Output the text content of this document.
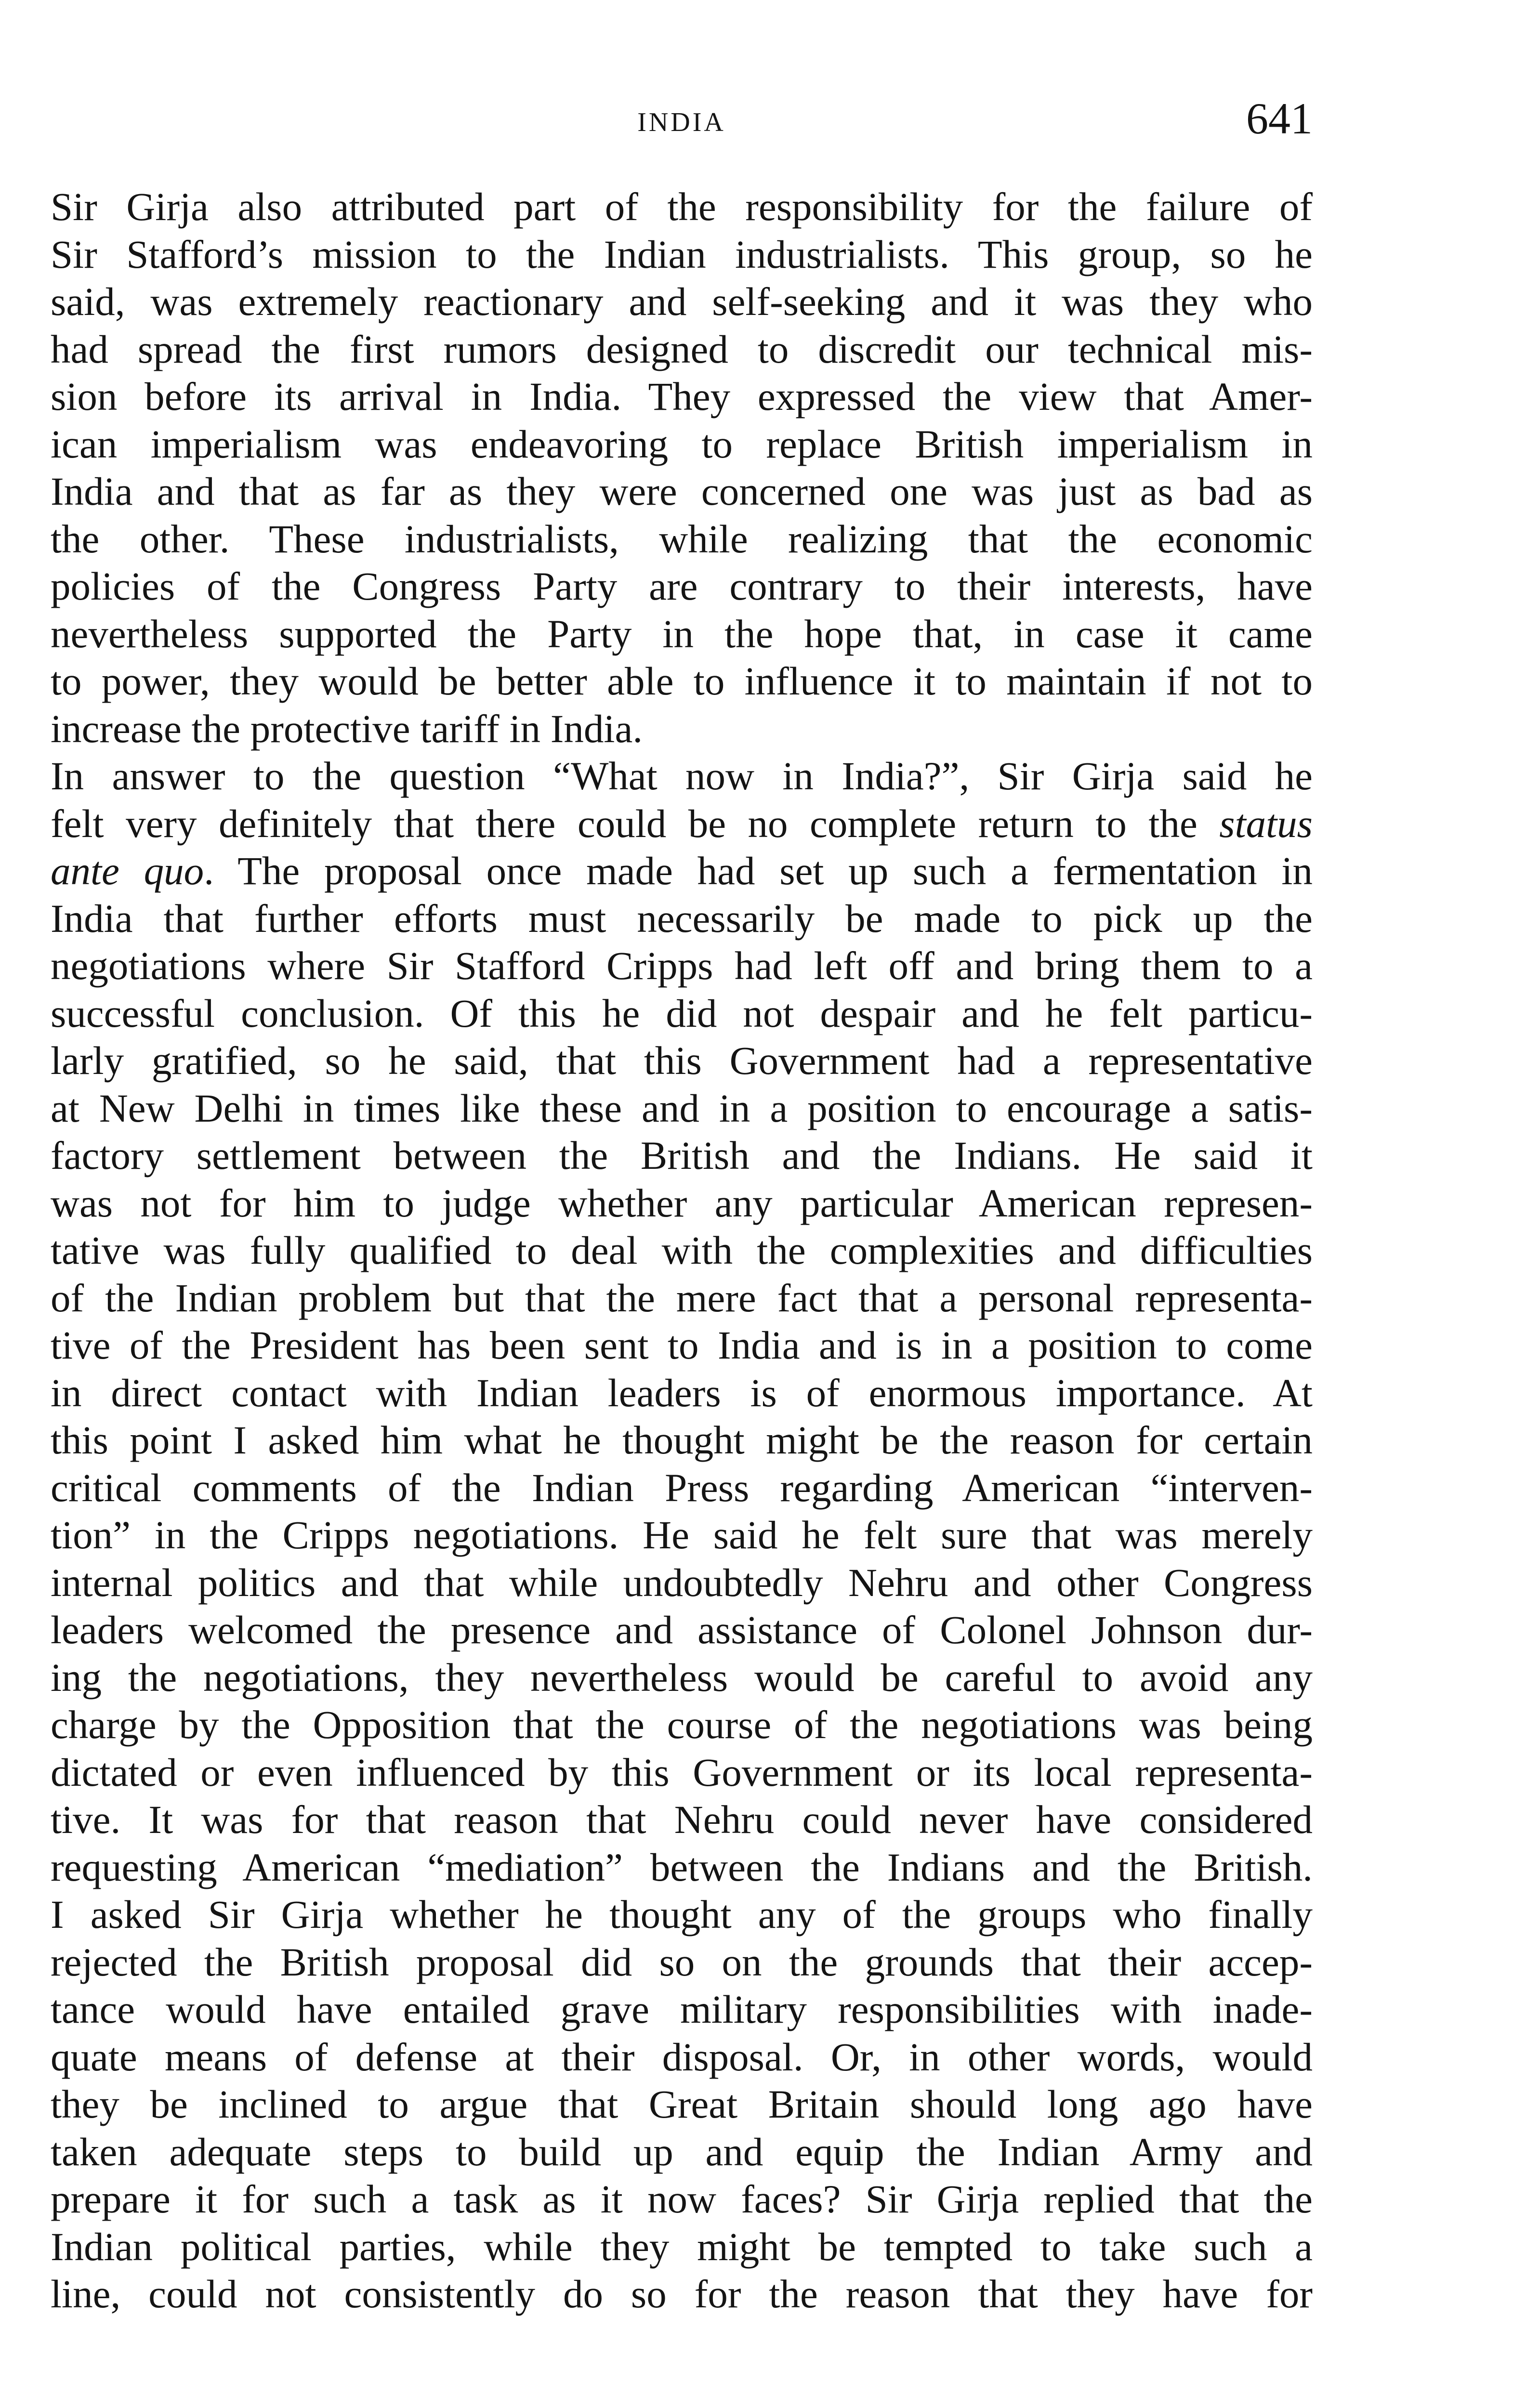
INDIA	641
Sir Girja also attributed part of the responsibility for the failure of
Sir Stafford’s mission to the Indian industrialists. This group, so he
said, was extremely reactionary and self-seeking and it was they who
had spread the first rumors designed to discredit our technical mis-
sion before its arrival in India. They expressed the view that Amer-
ican imperialism was endeavoring to replace British imperialism in
India and that as far as they were concerned one was just as bad as
the other. These industrialists, while realizing that the economic
policies of the Congress Party are contrary to their interests, have
nevertheless supported the Party in the hope that, in case it came
to power, they would be better able to influence it to maintain if not to
increase the protective tariff in India.
In answer to the question “What now in India?”, Sir Girja said he
felt very definitely that there could be no complete return to the status
ante quo. The proposal once made had set up such a fermentation in
India that further efforts must necessarily be made to pick up the
negotiations where Sir Stafford Cripps had left off and bring them to a
successful conclusion. Of this he did not despair and he felt particu-
larly gratified, so he said, that this Government had a representative
at New Delhi in times like these and in a position to encourage a satis-
factory settlement between the British and the Indians. He said it
was not for him to judge whether any particular American represen-
tative was fully qualified to deal with the complexities and difficulties
of the Indian problem but that the mere fact that a personal representa-
tive of the President has been sent to India and is in a position to come
in direct contact with Indian leaders is of enormous importance. At
this point I asked him what he thought might be the reason for certain
critical comments of the Indian Press regarding American “interven-
tion” in the Cripps negotiations. He said he felt sure that was merely
internal politics and that while undoubtedly Nehru and other Congress
leaders welcomed the presence and assistance of Colonel Johnson dur-
ing the negotiations, they nevertheless would be careful to avoid any
charge by the Opposition that the course of the negotiations was being
dictated or even influenced by this Government or its local representa-
tive. It was for that reason that Nehru could never have considered
requesting American “mediation” between the Indians and the British.
I asked Sir Girja whether he thought any of the groups who finally
rejected the British proposal did so on the grounds that their accep-
tance would have entailed grave military responsibilities with inade-
quate means of defense at their disposal. Or, in other words, would
they be inclined to argue that Great Britain should long ago have
taken adequate steps to build up and equip the Indian Army and
prepare it for such a task as it now faces? Sir Girja replied that the
Indian political parties, while they might be tempted to take such a
line, could not consistently do so for the reason that they have for
